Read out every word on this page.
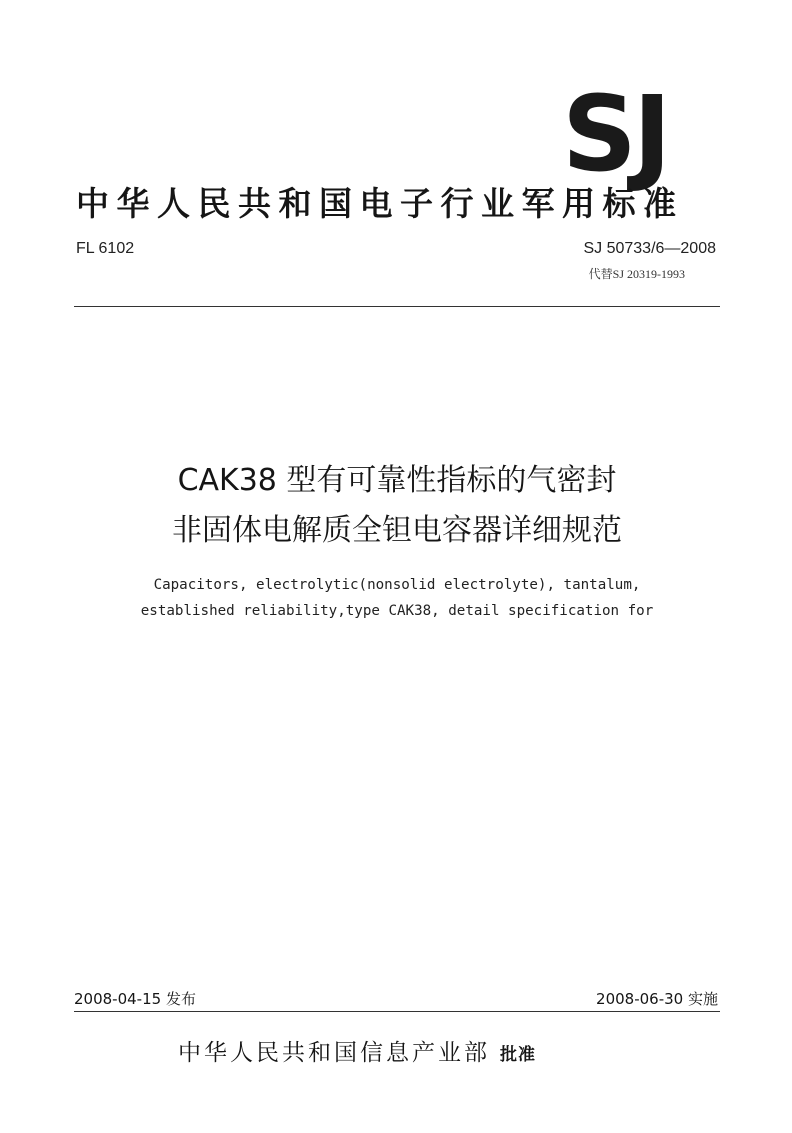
SJ
中华人民共和国电子行业军用标准
FL 6102	SJ 50733/6—2008
代替SJ 20319-1993
CAK38 型有可靠性指标的气密封
非固体电解质全钽电容器详细规范
Capacitors, electrolytic(nonsolid electrolyte), tantalum,
established reliability,type CAK38, detail specification for
2008-04-15 发布	2008-06-30 实施
中华人民共和国信息产业部 批准
